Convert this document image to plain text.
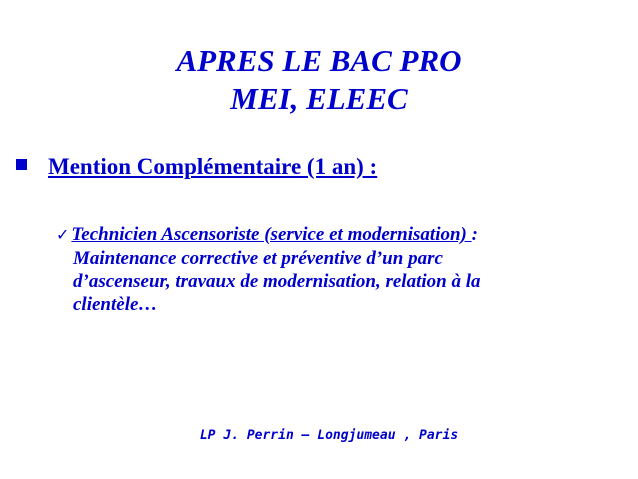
APRES LE BAC PRO
MEI, ELEEC
Mention Complémentaire (1 an) :
✓ Technicien Ascensoriste (service et modernisation) :
Maintenance corrective et préventive d’un parc
d’ascenseur, travaux de modernisation, relation à la
clientèle…
LP J. Perrin – Longjumeau , Paris
